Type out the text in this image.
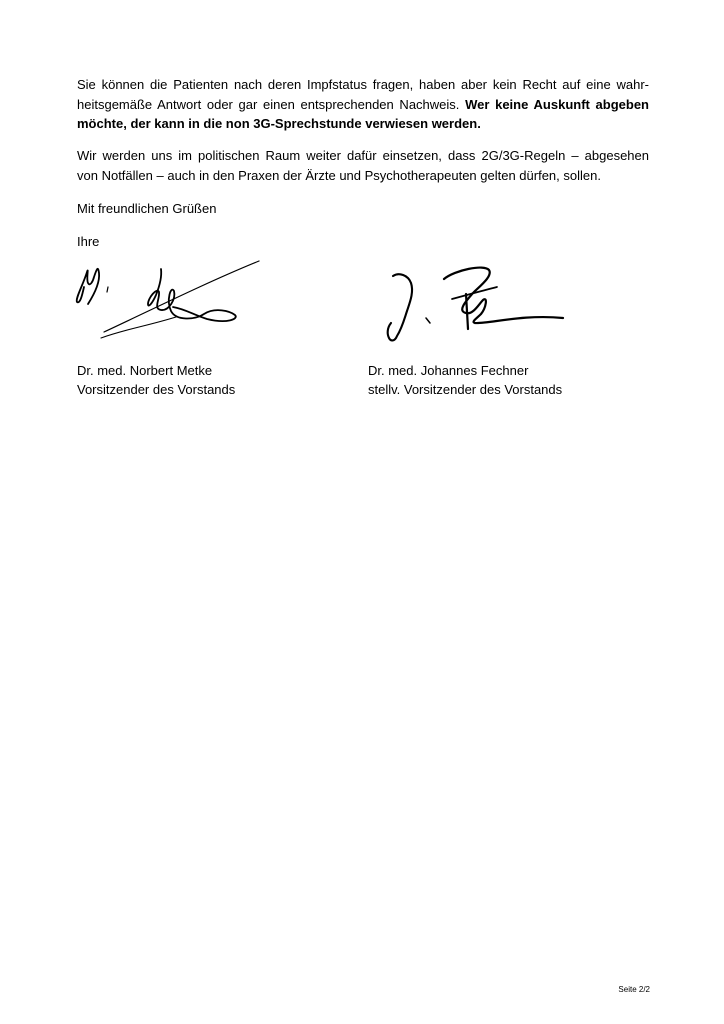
Sie können die Patienten nach deren Impfstatus fragen, haben aber kein Recht auf eine wahr-
heitsgemäße Antwort oder gar einen entsprechenden Nachweis. Wer keine Auskunft abgeben
möchte, der kann in die non 3G-Sprechstunde verwiesen werden.

Wir werden uns im politischen Raum weiter dafür einsetzen, dass 2G/3G-Regeln – abgesehen
von Notfällen – auch in den Praxen der Ärzte und Psychotherapeuten gelten dürfen, sollen.

Mit freundlichen Grüßen
Ihre
Dr. med. Norbert Metke
Vorsitzender des Vorstands
Dr. med. Johannes Fechner
stellv. Vorsitzender des Vorstands
Seite 2/2
